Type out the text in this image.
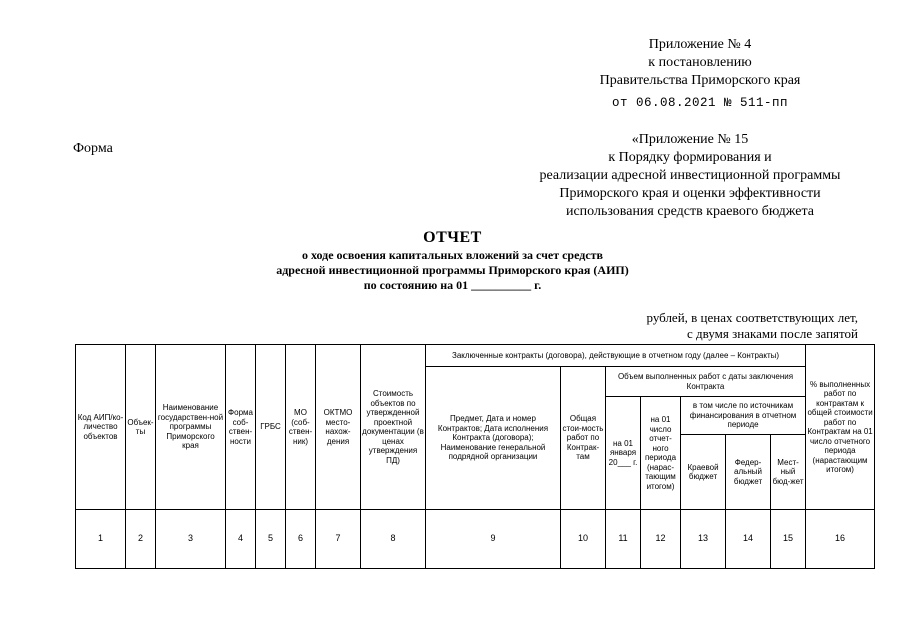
Приложение № 4
к постановлению
Правительства Приморского края
от 06.08.2021 № 511-пп
Форма
«Приложение № 15
к Порядку формирования и
реализации адресной инвестиционной программы
Приморского края и оценки эффективности
использования средств краевого бюджета
ОТЧЕТ
о ходе освоения капитальных вложений за счет средств
адресной инвестиционной программы Приморского края (АИП)
по состоянию на 01 __________ г.
рублей, в ценах соответствующих лет,
с двумя знаками после запятой
Код АИП/ко-личество объектов	Объек-ты	Наименование государствен-ной программы Приморского края	Форма соб-ствен-ности	ГРБС	МО (соб-ствен-ник)	ОКТМО место-нахож-дения	Стоимость объектов по утвержденной проектной документации (в ценах утверждения ПД)	Заключенные контракты (договора), действующие в отчетном году (далее – Контракты)							% выполненных работ по контрактам к общей стоимости работ по Контрактам на 01 число отчетного периода (нарастающим итогом)
								Предмет, Дата и номер Контрактов; Дата исполнения Контракта (договора); Наименование генеральной подрядной организации	Общая стои-мость работ по Контрак-там	Объем выполненных работ с даты заключения Контракта					
										на 01 января 20___ г.	на 01 число отчет-ного периода (нарас-тающим итогом)	в том числе по источникам финансирования в отчетном периоде			
												Краевой бюджет	Федер-альный бюджет	Мест-ный бюд-жет	
1	2	3	4	5	6	7	8	9	10	11	12	13	14	15	16
